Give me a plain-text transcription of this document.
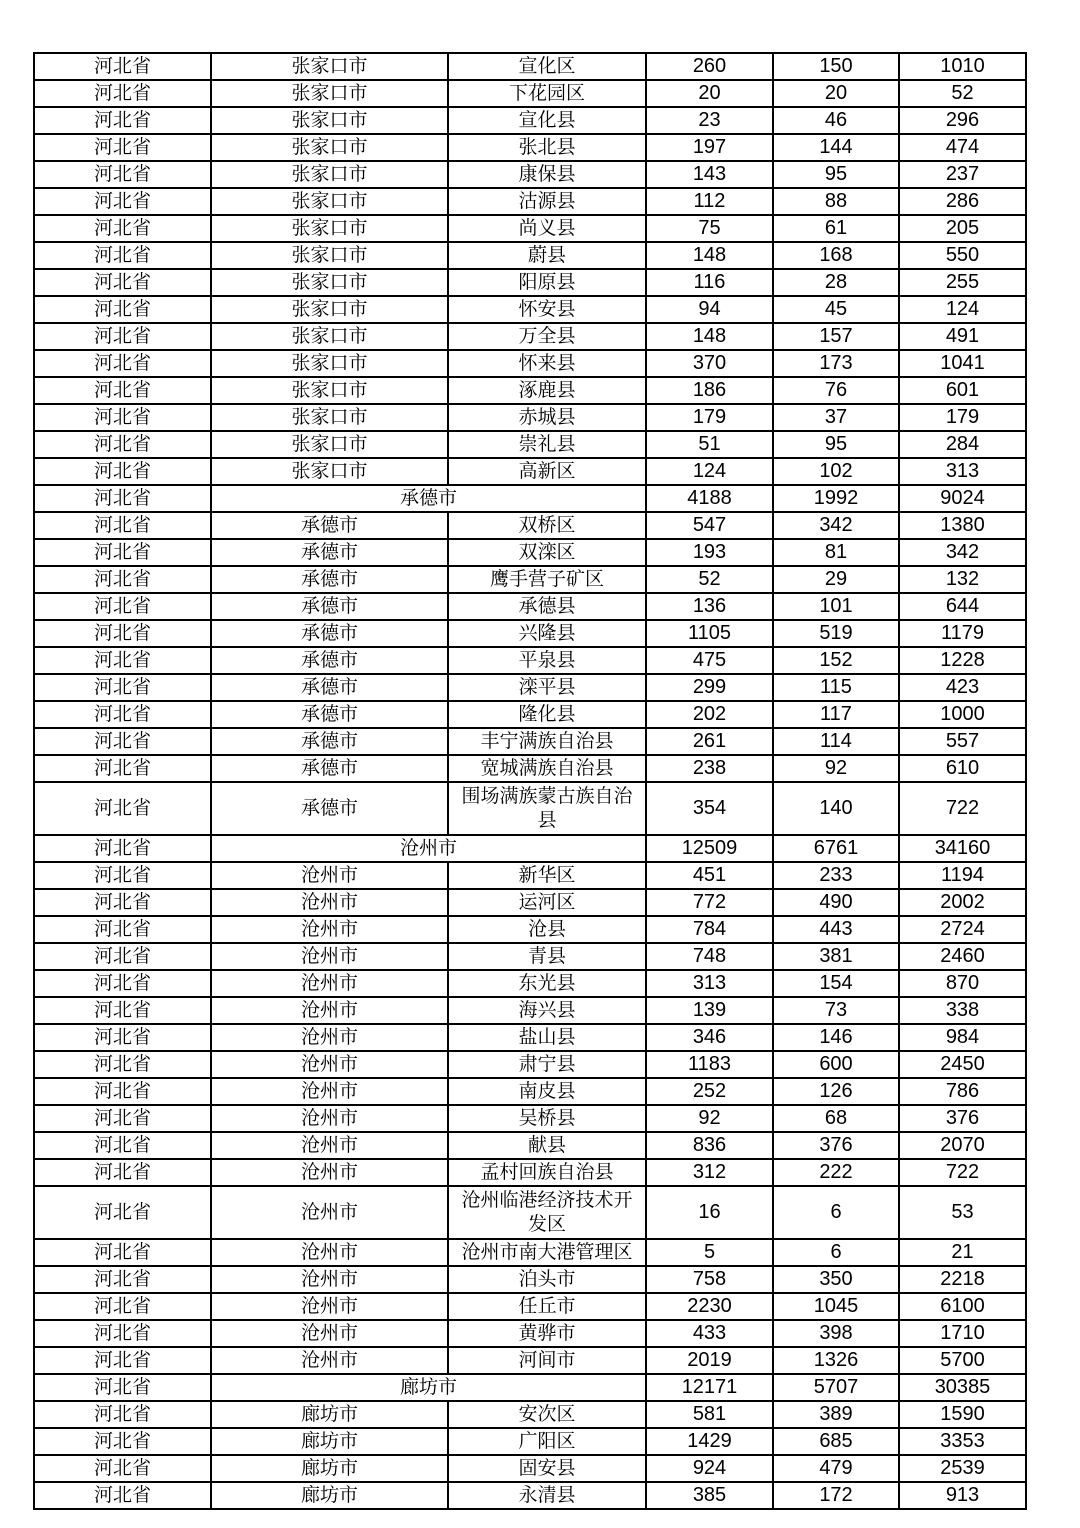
河北省	张家口市	宣化区	260	150	1010
河北省	张家口市	下花园区	20	20	52
河北省	张家口市	宣化县	23	46	296
河北省	张家口市	张北县	197	144	474
河北省	张家口市	康保县	143	95	237
河北省	张家口市	沽源县	112	88	286
河北省	张家口市	尚义县	75	61	205
河北省	张家口市	蔚县	148	168	550
河北省	张家口市	阳原县	116	28	255
河北省	张家口市	怀安县	94	45	124
河北省	张家口市	万全县	148	157	491
河北省	张家口市	怀来县	370	173	1041
河北省	张家口市	涿鹿县	186	76	601
河北省	张家口市	赤城县	179	37	179
河北省	张家口市	崇礼县	51	95	284
河北省	张家口市	高新区	124	102	313
河北省	承德市		4188	1992	9024
河北省	承德市	双桥区	547	342	1380
河北省	承德市	双滦区	193	81	342
河北省	承德市	鹰手营子矿区	52	29	132
河北省	承德市	承德县	136	101	644
河北省	承德市	兴隆县	1105	519	1179
河北省	承德市	平泉县	475	152	1228
河北省	承德市	滦平县	299	115	423
河北省	承德市	隆化县	202	117	1000
河北省	承德市	丰宁满族自治县	261	114	557
河北省	承德市	宽城满族自治县	238	92	610
河北省	承德市	围场满族蒙古族自治县	354	140	722
河北省	沧州市		12509	6761	34160
河北省	沧州市	新华区	451	233	1194
河北省	沧州市	运河区	772	490	2002
河北省	沧州市	沧县	784	443	2724
河北省	沧州市	青县	748	381	2460
河北省	沧州市	东光县	313	154	870
河北省	沧州市	海兴县	139	73	338
河北省	沧州市	盐山县	346	146	984
河北省	沧州市	肃宁县	1183	600	2450
河北省	沧州市	南皮县	252	126	786
河北省	沧州市	吴桥县	92	68	376
河北省	沧州市	献县	836	376	2070
河北省	沧州市	孟村回族自治县	312	222	722
河北省	沧州市	沧州临港经济技术开发区	16	6	53
河北省	沧州市	沧州市南大港管理区	5	6	21
河北省	沧州市	泊头市	758	350	2218
河北省	沧州市	任丘市	2230	1045	6100
河北省	沧州市	黄骅市	433	398	1710
河北省	沧州市	河间市	2019	1326	5700
河北省	廊坊市		12171	5707	30385
河北省	廊坊市	安次区	581	389	1590
河北省	廊坊市	广阳区	1429	685	3353
河北省	廊坊市	固安县	924	479	2539
河北省	廊坊市	永清县	385	172	913
